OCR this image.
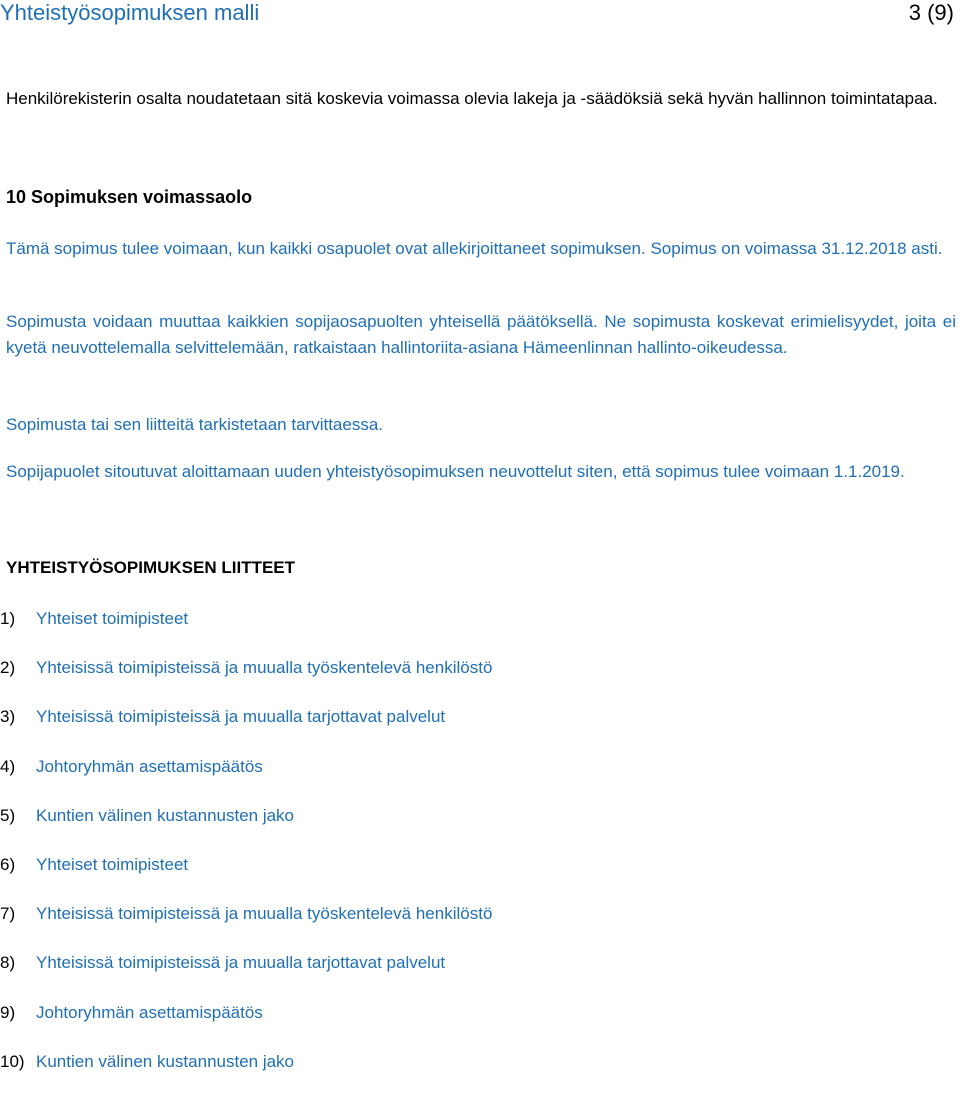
Yhteistyösopimuksen malli	3 (9)
Henkilörekisterin osalta noudatetaan sitä koskevia voimassa olevia lakeja ja -säädöksiä sekä hyvän hallinnon toimintatapaa.
10 Sopimuksen voimassaolo
Tämä sopimus tulee voimaan, kun kaikki osapuolet ovat allekirjoittaneet sopimuksen. Sopimus on voimassa 31.12.2018 asti.
Sopimusta voidaan muuttaa kaikkien sopijaosapuolten yhteisellä päätöksellä. Ne sopimusta koskevat erimielisyydet, joita ei kyetä neuvottelemalla selvittelemään, ratkaistaan hallintoriita-asiana Hämeenlinnan hallinto-oikeudessa.
Sopimusta tai sen liitteitä tarkistetaan tarvittaessa.
Sopijapuolet sitoutuvat aloittamaan uuden yhteistyösopimuksen neuvottelut siten, että sopimus tulee voimaan 1.1.2019.
YHTEISTYÖSOPIMUKSEN LIITTEET
1) Yhteiset toimipisteet
2) Yhteisissä toimipisteissä ja muualla työskentelevä henkilöstö
3) Yhteisissä toimipisteissä ja muualla tarjottavat palvelut
4) Johtoryhmän asettamispäätös
5) Kuntien välinen kustannusten jako
6) Yhteiset toimipisteet
7) Yhteisissä toimipisteissä ja muualla työskentelevä henkilöstö
8) Yhteisissä toimipisteissä ja muualla tarjottavat palvelut
9) Johtoryhmän asettamispäätös
10) Kuntien välinen kustannusten jako
